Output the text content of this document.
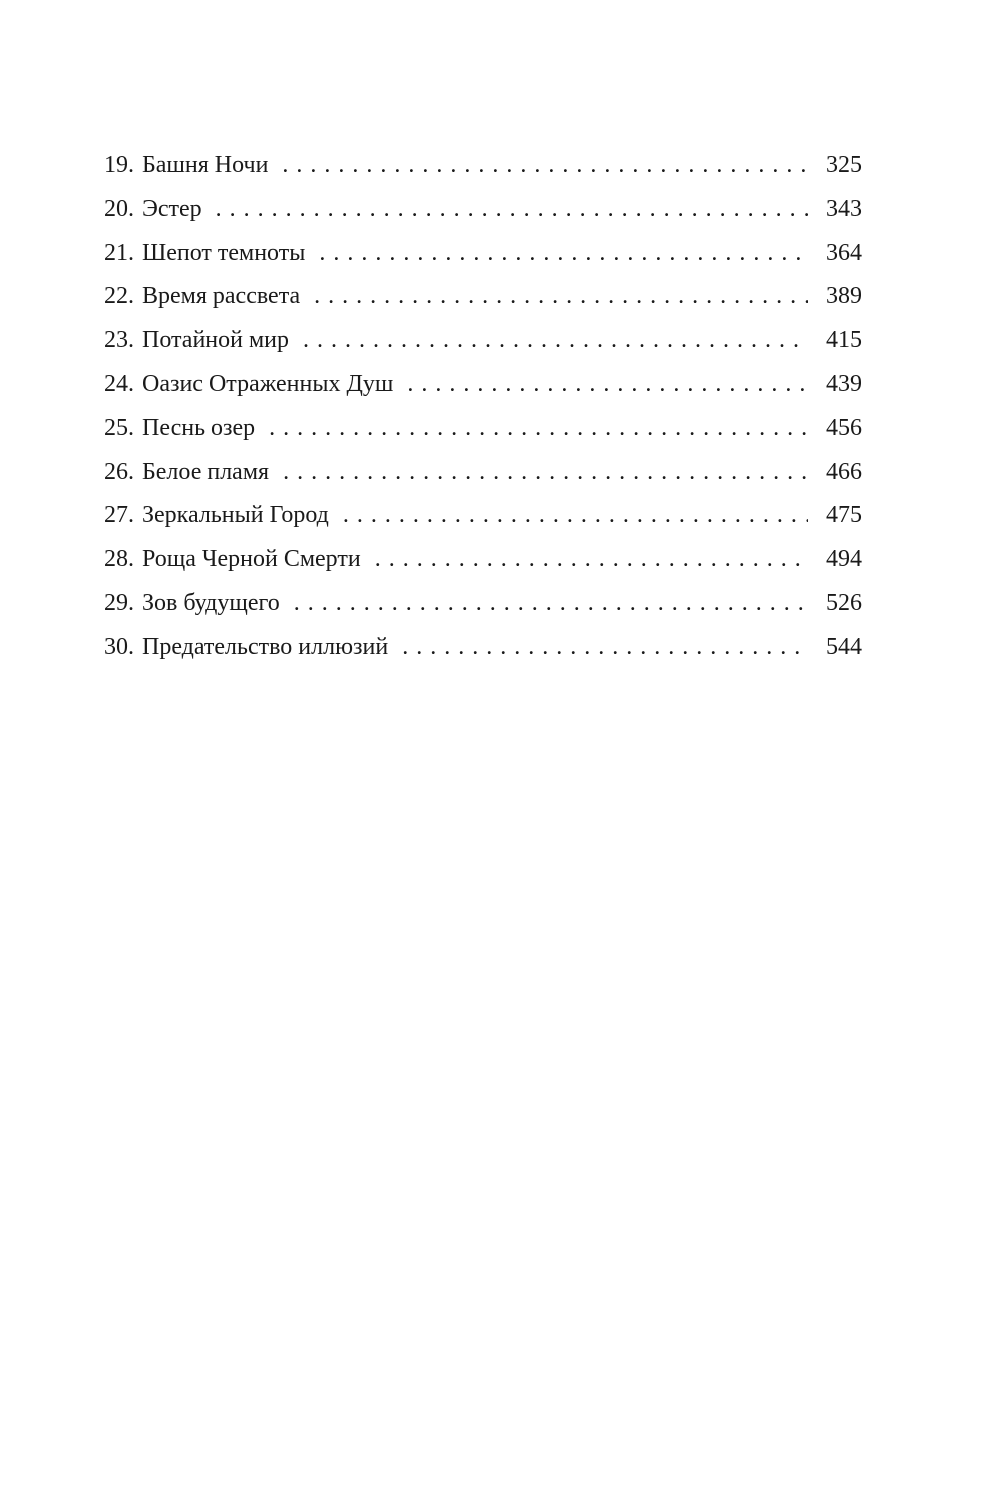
19. Башня Ночи . . .	325
20. Эстер . . .	343
21. Шепот темноты . . .	364
22. Время рассвета . . .	389
23. Потайной мир . . .	415
24. Оазис Отраженных Душ . . .	439
25. Песнь озер . . .	456
26. Белое пламя . . .	466
27. Зеркальный Город . . .	475
28. Роща Черной Смерти . . .	494
29. Зов будущего . . .	526
30. Предательство иллюзий . . .	544
